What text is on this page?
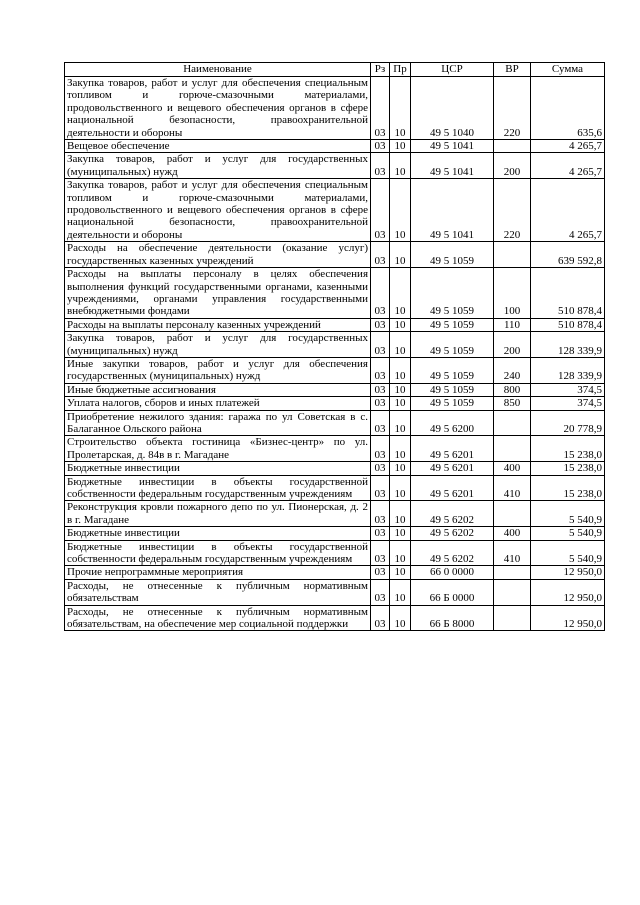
Наименование	Рз	Пр	ЦСР	ВР	Сумма
Закупка товаров, работ и услуг для обеспечения специальным топливом и горюче-смазочными материалами, продовольственного и вещевого обеспечения органов в сфере национальной безопасности, правоохранительной деятельности и обороны	03	10	49 5 1040	220	635,6
Вещевое обеспечение	03	10	49 5 1041		4 265,7
Закупка товаров, работ и услуг для государственных (муниципальных) нужд	03	10	49 5 1041	200	4 265,7
Закупка товаров, работ и услуг для обеспечения специальным топливом и горюче-смазочными материалами, продовольственного и вещевого обеспечения органов в сфере национальной безопасности, правоохранительной деятельности и обороны	03	10	49 5 1041	220	4 265,7
Расходы на обеспечение деятельности (оказание услуг) государственных казенных учреждений	03	10	49 5 1059		639 592,8
Расходы на выплаты персоналу в целях обеспечения выполнения функций государственными органами, казенными учреждениями, органами управления государственными внебюджетными фондами	03	10	49 5 1059	100	510 878,4
Расходы на выплаты персоналу казенных учреждений	03	10	49 5 1059	110	510 878,4
Закупка товаров, работ и услуг для государственных (муниципальных) нужд	03	10	49 5 1059	200	128 339,9
Иные закупки товаров, работ и услуг для обеспечения государственных (муниципальных) нужд	03	10	49 5 1059	240	128 339,9
Иные бюджетные ассигнования	03	10	49 5 1059	800	374,5
Уплата налогов, сборов и иных платежей	03	10	49 5 1059	850	374,5
Приобретение нежилого здания: гаража по ул Советская в с. Балаганное Ольского района	03	10	49 5 6200		20 778,9
Строительство объекта гостиница «Бизнес-центр» по ул. Пролетарская, д. 84в в г. Магадане	03	10	49 5 6201		15 238,0
Бюджетные инвестиции	03	10	49 5 6201	400	15 238,0
Бюджетные инвестиции в объекты государственной собственности федеральным государственным учреждениям	03	10	49 5 6201	410	15 238,0
Реконструкция кровли пожарного депо по ул. Пионерская, д. 2 в г. Магадане	03	10	49 5 6202		5 540,9
Бюджетные инвестиции	03	10	49 5 6202	400	5 540,9
Бюджетные инвестиции в объекты государственной собственности федеральным государственным учреждениям	03	10	49 5 6202	410	5 540,9
Прочие непрограммные мероприятия	03	10	66 0 0000		12 950,0
Расходы, не отнесенные к публичным нормативным обязательствам	03	10	66 Б 0000		12 950,0
Расходы, не отнесенные к публичным нормативным обязательствам, на обеспечение мер социальной поддержки	03	10	66 Б 8000		12 950,0
